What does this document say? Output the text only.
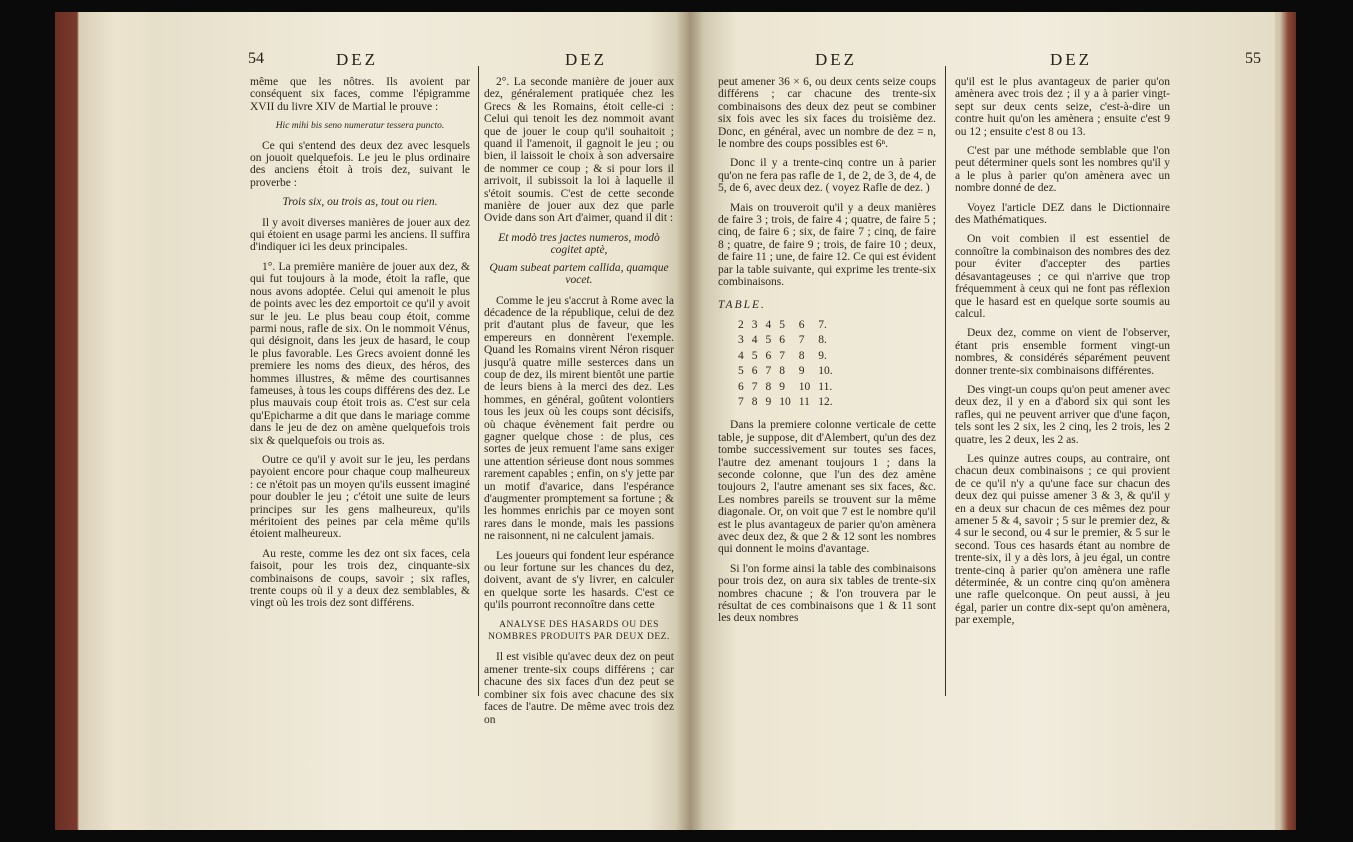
54	DEZ	DEZ	DEZ	DEZ	55

même que les nôtres. Ils avoient par conséquent six faces, comme l'épigramme XVII du livre XIV de Martial le prouve :

Hic mihi bis seno numeratur tessera puncto.

Ce qui s'entend des deux dez avec lesquels on jouoit quelquefois. Le jeu le plus ordinaire des anciens étoit à trois dez, suivant le proverbe :

Trois six, ou trois as, tout ou rien.

Il y avoit diverses manières de jouer aux dez qui étoient en usage parmi les anciens. Il suffira d'indiquer ici les deux principales.

1°. La première manière de jouer aux dez, & qui fut toujours à la mode, étoit la rafle, que nous avons adoptée. Celui qui amenoit le plus de points avec les dez emportoit ce qu'il y avoit sur le jeu. Le plus beau coup étoit, comme parmi nous, rafle de six. On le nommoit Vénus, qui désignoit, dans les jeux de hasard, le coup le plus favorable. Les Grecs avoient donné les premiere les noms des dieux, des héros, des hommes illustres, & même des courtisannes fameuses, à tous les coups différens des dez. Le plus mauvais coup étoit trois as. C'est sur cela qu'Epicharme a dit que dans le mariage comme dans le jeu de dez on amène quelquefois trois six & quelquefois ou trois as.

Outre ce qu'il y avoit sur le jeu, les perdans payoient encore pour chaque coup malheureux : ce n'étoit pas un moyen qu'ils eussent imaginé pour doubler le jeu ; c'étoit une suite de leurs principes sur les gens malheureux, qu'ils méritoient des peines par cela même qu'ils étoient malheureux.

Au reste, comme les dez ont six faces, cela faisoit, pour les trois dez, cinquante-six combinaisons de coups, savoir ; six rafles, trente coups où il y a deux dez semblables, & vingt où les trois dez sont différens.

2°. La seconde manière de jouer aux dez, généralement pratiquée chez les Grecs & les Romains, étoit celle-ci : Celui qui tenoit les dez nommoit avant que de jouer le coup qu'il souhaitoit ; quand il l'amenoit, il gagnoit le jeu ; ou bien, il laissoit le choix à son adversaire de nommer ce coup ; & si pour lors il arrivoit, il subissoit la loi à laquelle il s'étoit soumis. C'est de cette seconde manière de jouer aux dez que parle Ovide dans son Art d'aimer, quand il dit :

Et modò tres jactes numeros, modò cogitet aptè,

Quam subeat partem callida, quamque vocet.

Comme le jeu s'accrut à Rome avec la décadence de la république, celui de dez prit d'autant plus de faveur, que les empereurs en donnèrent l'exemple. Quand les Romains virent Néron risquer jusqu'à quatre mille sesterces dans un coup de dez, ils mirent bientôt une partie de leurs biens à la merci des dez. Les hommes, en général, goûtent volontiers tous les jeux où les coups sont décisifs, où chaque évènement fait perdre ou gagner quelque chose : de plus, ces sortes de jeux remuent l'ame sans exiger une attention sérieuse dont nous sommes rarement capables ; enfin, on s'y jette par un motif d'avarice, dans l'espérance d'augmenter promptement sa fortune ; & les hommes enrichis par ce moyen sont rares dans le monde, mais les passions ne raisonnent, ni ne calculent jamais.

Les joueurs qui fondent leur espérance ou leur fortune sur les chances du dez, doivent, avant de s'y livrer, en calculer en quelque sorte les hasards. C'est ce qu'ils pourront reconnoître dans cette

ANALYSE DES HASARDS OU DES NOMBRES PRODUITS PAR DEUX DEZ.

Il est visible qu'avec deux dez on peut amener trente-six coups différens ; car chacune des six faces d'un dez peut se combiner six fois avec chacune des six faces de l'autre. De même avec trois dez on

peut amener 36 × 6, ou deux cents seize coups différens ; car chacune des trente-six combinaisons des deux dez peut se combiner six fois avec les six faces du troisième dez. Donc, en général, avec un nombre de dez = n, le nombre des coups possibles est 6ⁿ.

Donc il y a trente-cinq contre un à parier qu'on ne fera pas rafle de 1, de 2, de 3, de 4, de 5, de 6, avec deux dez. ( voyez Rafle de dez. )

Mais on trouveroit qu'il y a deux manières de faire 3 ; trois, de faire 4 ; quatre, de faire 5 ; cinq, de faire 6 ; six, de faire 7 ; cinq, de faire 8 ; quatre, de faire 9 ; trois, de faire 10 ; deux, de faire 11 ; une, de faire 12. Ce qui est évident par la table suivante, qui exprime les trente-six combinaisons.

TABLE.

2	3	4	5	6	7.
3	4	5	6	7	8.
4	5	6	7	8	9.
5	6	7	8	9	10.
6	7	8	9	10	11.
7	8	9	10	11	12.

Dans la premiere colonne verticale de cette table, je suppose, dit d'Alembert, qu'un des dez tombe successivement sur toutes ses faces, l'autre dez amenant toujours 1 ; dans la seconde colonne, que l'un des dez amène toujours 2, l'autre amenant ses six faces, &c. Les nombres pareils se trouvent sur la même diagonale. Or, on voit que 7 est le nombre qu'il est le plus avantageux de parier qu'on amènera avec deux dez, & que 2 & 12 sont les nombres qui donnent le moins d'avantage.

Si l'on forme ainsi la table des combinaisons pour trois dez, on aura six tables de trente-six nombres chacune ; & l'on trouvera par le résultat de ces combinaisons que 1 & 11 sont les deux nombres

qu'il est le plus avantageux de parier qu'on amènera avec trois dez ; il y a à parier vingt-sept sur deux cents seize, c'est-à-dire un contre huit qu'on les amènera ; ensuite c'est 9 ou 12 ; ensuite c'est 8 ou 13.

C'est par une méthode semblable que l'on peut déterminer quels sont les nombres qu'il y a le plus à parier qu'on amènera avec un nombre donné de dez.

Voyez l'article DEZ dans le Dictionnaire des Mathématiques.

On voit combien il est essentiel de connoître la combinaison des nombres des dez pour éviter d'accepter des parties désavantageuses ; ce qui n'arrive que trop fréquemment à ceux qui ne font pas réflexion que le hasard est en quelque sorte soumis au calcul.

Deux dez, comme on vient de l'observer, étant pris ensemble forment vingt-un nombres, & considérés séparément peuvent donner trente-six combinaisons différentes.

Des vingt-un coups qu'on peut amener avec deux dez, il y en a d'abord six qui sont les rafles, qui ne peuvent arriver que d'une façon, tels sont les 2 six, les 2 cinq, les 2 trois, les 2 quatre, les 2 deux, les 2 as.

Les quinze autres coups, au contraire, ont chacun deux combinaisons ; ce qui provient de ce qu'il n'y a qu'une face sur chacun des deux dez qui puisse amener 3 & 3, & qu'il y en a deux sur chacun de ces mêmes dez pour amener 5 & 4, savoir ; 5 sur le premier dez, & 4 sur le second, ou 4 sur le premier, & 5 sur le second. Tous ces hasards étant au nombre de trente-six, il y a dès lors, à jeu égal, un contre trente-cinq à parier qu'on amènera une rafle déterminée, & un contre cinq qu'on amènera une rafle quelconque. On peut aussi, à jeu égal, parier un contre dix-sept qu'on amènera, par exemple,
